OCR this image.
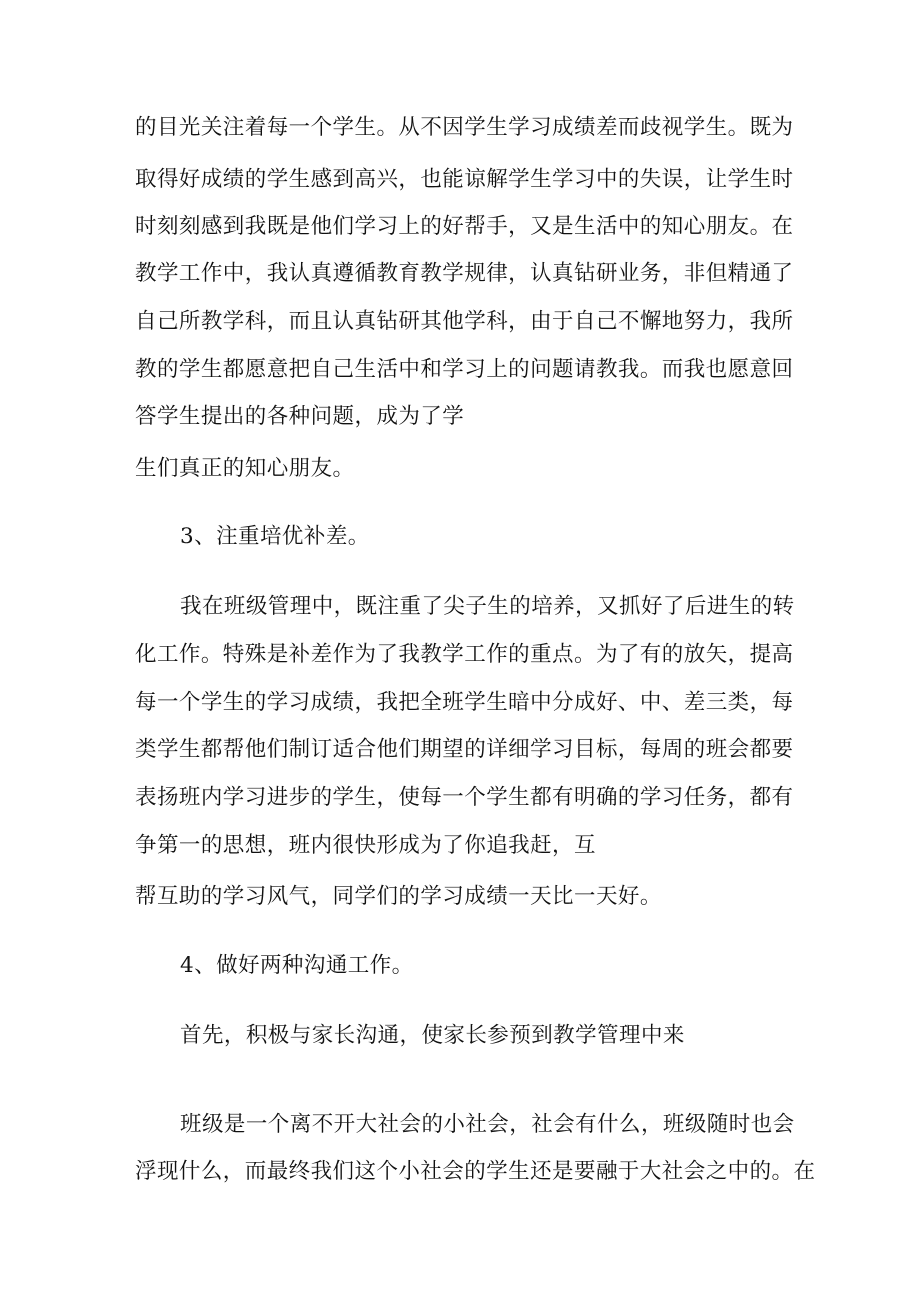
的目光关注着每一个学生。从不因学生学习成绩差而歧视学生。既为

取得好成绩的学生感到高兴，也能谅解学生学习中的失误，让学生时

时刻刻感到我既是他们学习上的好帮手，又是生活中的知心朋友。在

教学工作中，我认真遵循教育教学规律，认真钻研业务，非但精通了

自己所教学科，而且认真钻研其他学科，由于自己不懈地努力，我所

教的学生都愿意把自己生活中和学习上的问题请教我。而我也愿意回

答学生提出的各种问题，成为了学

生们真正的知心朋友。

3、注重培优补差。

我在班级管理中，既注重了尖子生的培养，又抓好了后进生的转

化工作。特殊是补差作为了我教学工作的重点。为了有的放矢，提高

每一个学生的学习成绩，我把全班学生暗中分成好、中、差三类，每

类学生都帮他们制订适合他们期望的详细学习目标，每周的班会都要

表扬班内学习进步的学生，使每一个学生都有明确的学习任务，都有

争第一的思想，班内很快形成为了你追我赶，互

帮互助的学习风气，同学们的学习成绩一天比一天好。

4、做好两种沟通工作。

首先，积极与家长沟通，使家长参预到教学管理中来

班级是一个离不开大社会的小社会，社会有什么，班级随时也会

浮现什么，而最终我们这个小社会的学生还是要融于大社会之中的。在
